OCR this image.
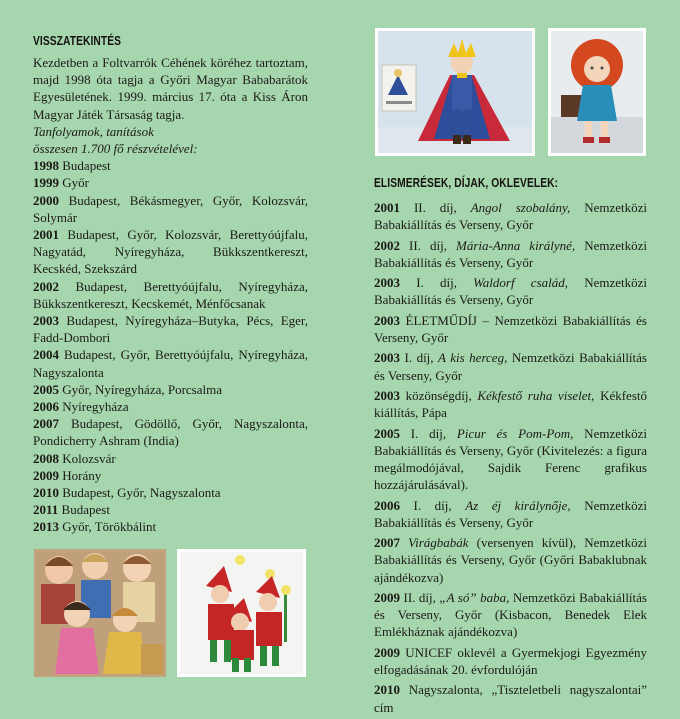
VISSZATEKINTÉS

Kezdetben a Foltvarrók Céhének köréhez tartoztam, majd 1998 óta tagja a Győri Magyar Bababarátok Egyesületének. 1999. március 17. óta a Kiss Áron Magyar Játék Társaság tagja.

Tanfolyamok, tanítások

összesen 1.700 fő részvételével:

1998 Budapest

1999 Győr

2000 Budapest, Békásmegyer, Győr, Kolozsvár, Solymár

2001 Budapest, Győr, Kolozsvár, Berettyóújfalu, Nagyatád, Nyíregyháza, Bükkszentkereszt, Kecskéd, Szekszárd

2002 Budapest, Berettyóújfalu, Nyíregyháza, Bükkszentkereszt, Kecskemét, Ménfőcsanak

2003 Budapest, Nyíregyháza–Butyka, Pécs, Eger, Fadd-Dombori

2004 Budapest, Győr, Berettyóújfalu, Nyíregyháza, Nagyszalonta

2005 Győr, Nyíregyháza, Porcsalma

2006 Nyíregyháza

2007 Budapest, Gödöllő, Győr, Nagyszalonta, Pondicherry Ashram (India)

2008 Kolozsvár

2009 Horány

2010 Budapest, Győr, Nagyszalonta

2011 Budapest

2013 Győr, Törökbálint

ELISMERÉSEK, DÍJAK, OKLEVELEK:

2001 II. díj, Angol szobalány, Nemzetközi Babakiállítás és Verseny, Győr

2002 II. díj, Mária-Anna királyné, Nemzetközi Babakiállítás és Verseny, Győr

2003 I. díj, Waldorf család, Nemzetközi Babakiállítás és Verseny, Győr

2003 ÉLETMŰDÍJ – Nemzetközi Babakiállítás és Verseny, Győr

2003 I. díj, A kis herceg, Nemzetközi Babakiállítás és Verseny, Győr

2003 közönségdíj, Kékfestő ruha viselet, Kékfestő kiállítás, Pápa

2005 I. díj, Picur és Pom-Pom, Nemzetközi Babakiállítás és Verseny, Győr (Kivitelezés: a figura megálmodójával, Sajdik Ferenc grafikus hozzájárulásával).

2006 I. díj, Az éj királynője, Nemzetközi Babakiállítás és Verseny, Győr

2007 Virágbabák (versenyen kívül), Nemzetközi Babakiállítás és Verseny, Győr (Győri Babaklubnak ajándékozva)

2009 II. díj, „A só” baba, Nemzetközi Babakiállítás és Verseny, Győr (Kisbacon, Benedek Elek Emlékháznak ajándékozva)

2009 UNICEF oklevél a Gyermekjogi Egyezmény elfogadásának 20. évfordulóján

2010 Nagyszalonta, „Tiszteletbeli nagyszalontai” cím
